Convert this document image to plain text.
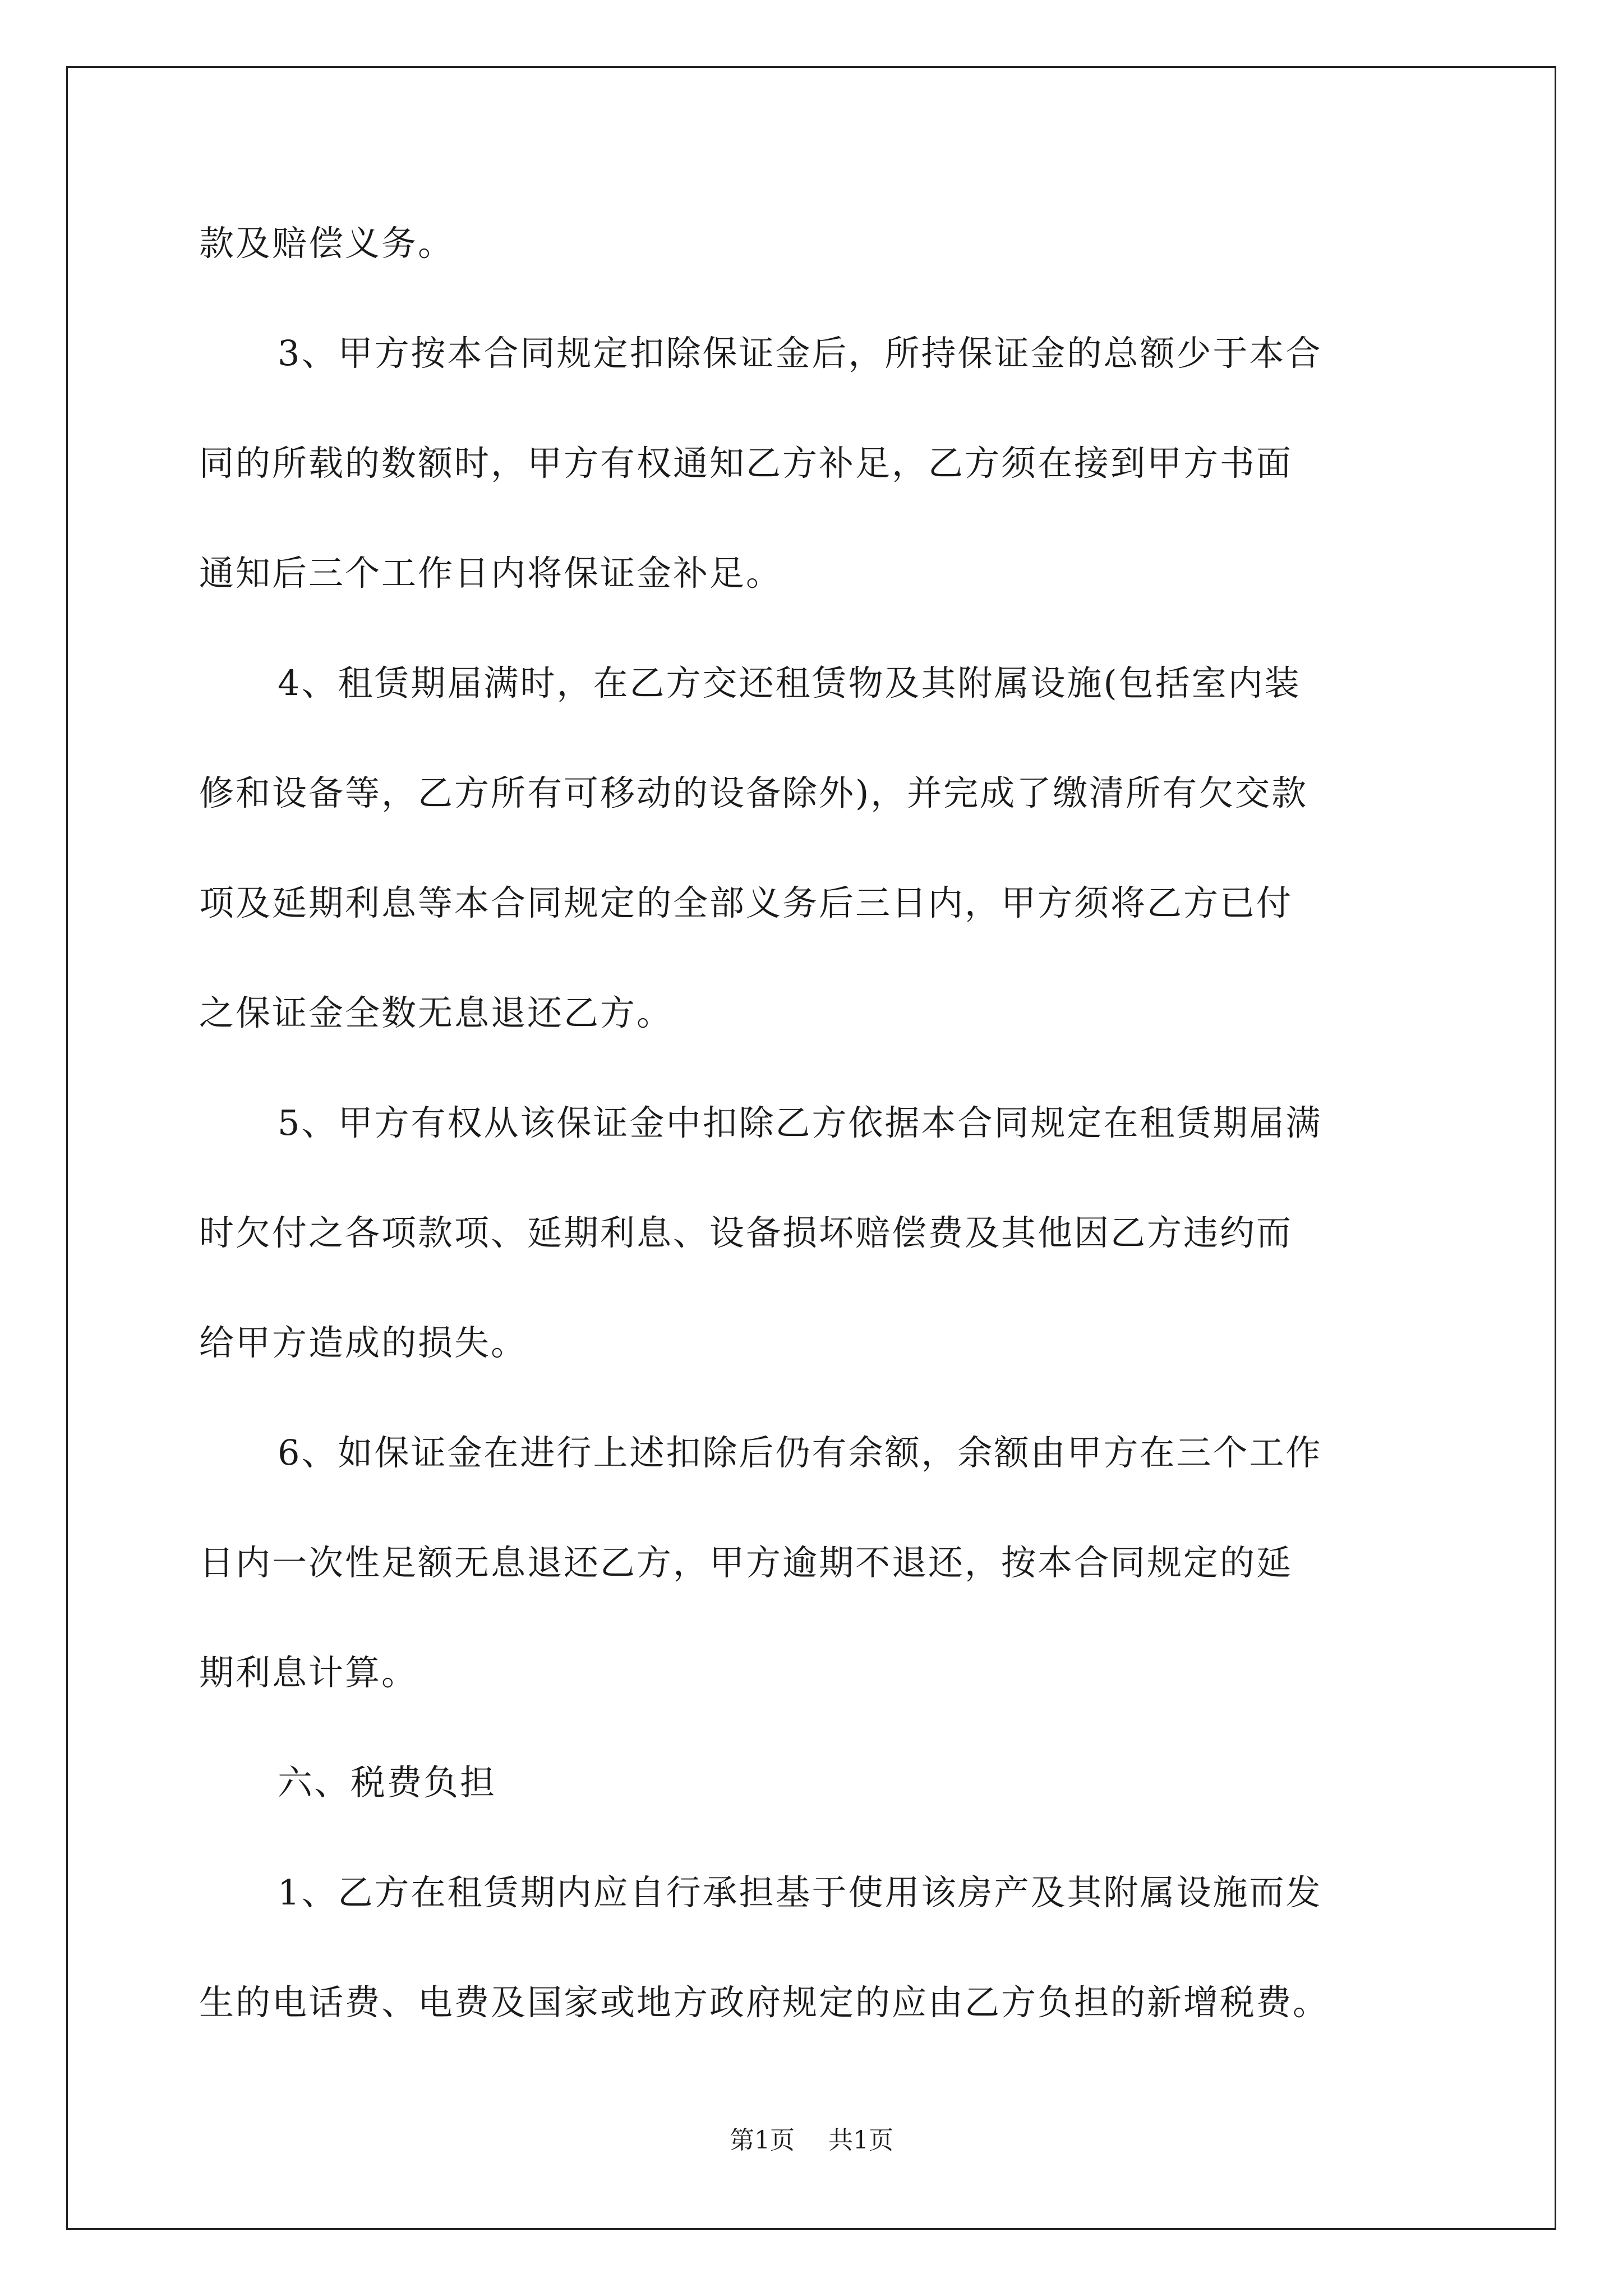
款及赔偿义务。
3、甲方按本合同规定扣除保证金后，所持保证金的总额少于本合
同的所载的数额时，甲方有权通知乙方补足，乙方须在接到甲方书面
通知后三个工作日内将保证金补足。
4、租赁期届满时，在乙方交还租赁物及其附属设施(包括室内装
修和设备等，乙方所有可移动的设备除外)，并完成了缴清所有欠交款
项及延期利息等本合同规定的全部义务后三日内，甲方须将乙方已付
之保证金全数无息退还乙方。
5、甲方有权从该保证金中扣除乙方依据本合同规定在租赁期届满
时欠付之各项款项、延期利息、设备损坏赔偿费及其他因乙方违约而
给甲方造成的损失。
6、如保证金在进行上述扣除后仍有余额，余额由甲方在三个工作
日内一次性足额无息退还乙方，甲方逾期不退还，按本合同规定的延
期利息计算。
六、税费负担
1、乙方在租赁期内应自行承担基于使用该房产及其附属设施而发
生的电话费、电费及国家或地方政府规定的应由乙方负担的新增税费。
第1页 共1页
